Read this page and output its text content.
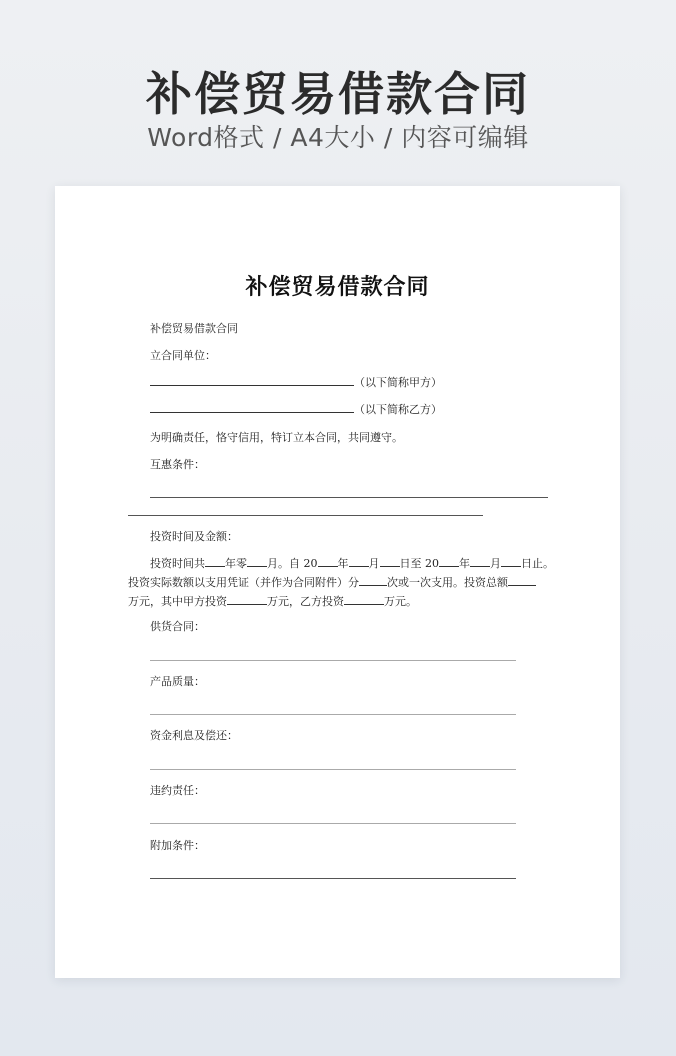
补偿贸易借款合同
Word格式 / A4大小 / 内容可编辑
补偿贸易借款合同
补偿贸易借款合同
立合同单位：
（以下简称甲方）
（以下简称乙方）
为明确责任，恪守信用，特订立本合同，共同遵守。
互惠条件：
投资时间及金额：
投资时间共 年零 月。自 20 年 月 日至 20 年 月 日止。
投资实际数额以支用凭证（并作为合同附件）分	次或一次支用。投资总额
万元，其中甲方投资	万元，乙方投资	万元。
供货合同：
产品质量：
资金利息及偿还：
违约责任：
附加条件：
